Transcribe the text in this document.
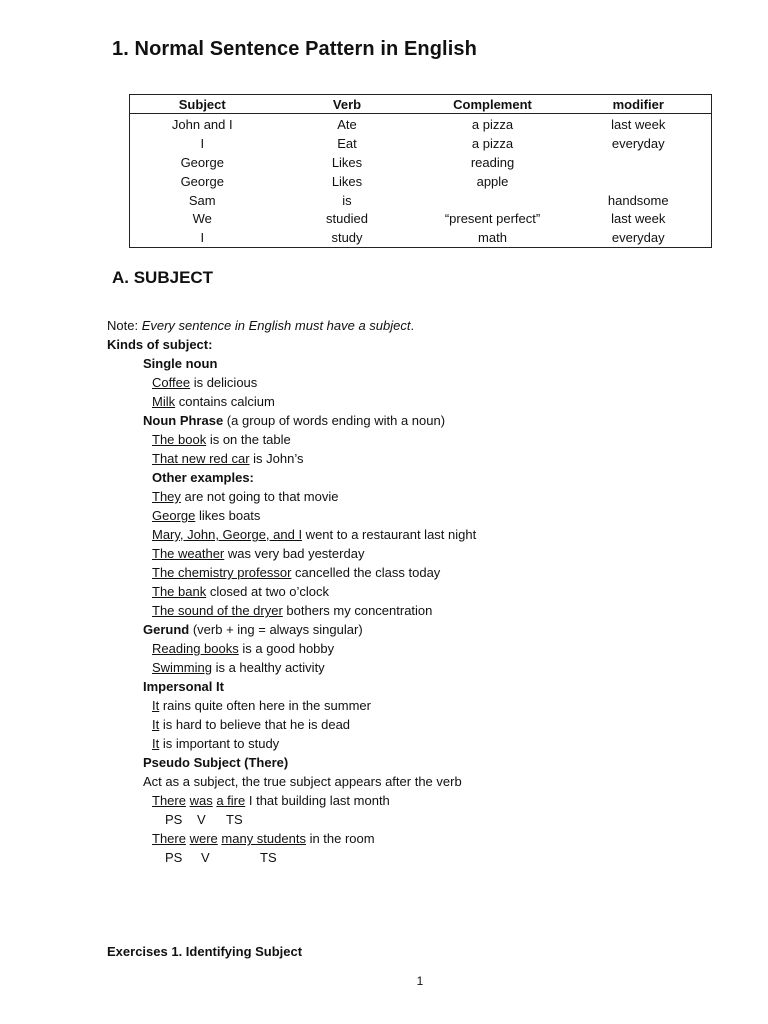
1. Normal Sentence Pattern in English
Subject	Verb	Complement	modifier
John and I	Ate	a pizza	last week
I	Eat	a pizza	everyday
George	Likes	reading	
George	Likes	apple	
Sam	is		handsome
We	studied	“present perfect”	last week
I	study	math	everyday
A. SUBJECT
Note: Every sentence in English must have a subject.
Kinds of subject:
Single noun
Coffee is delicious
Milk contains calcium
Noun Phrase (a group of words ending with a noun)
The book is on the table
That new red car is John’s
Other examples:
They are not going to that movie
George likes boats
Mary, John, George, and I went to a restaurant last night
The weather was very bad yesterday
The chemistry professor cancelled the class today
The bank closed at two o’clock
The sound of the dryer bothers my concentration
Gerund (verb + ing = always singular)
Reading books is a good hobby
Swimming is a healthy activity
Impersonal It
It rains quite often here in the summer
It is hard to believe that he is dead
It is important to study
Pseudo Subject (There)
Act as a subject, the true subject appears after the verb
There was a fire I that building last month
PS V TS
There were many students in the room
PS V	TS
Exercises 1. Identifying Subject
1
